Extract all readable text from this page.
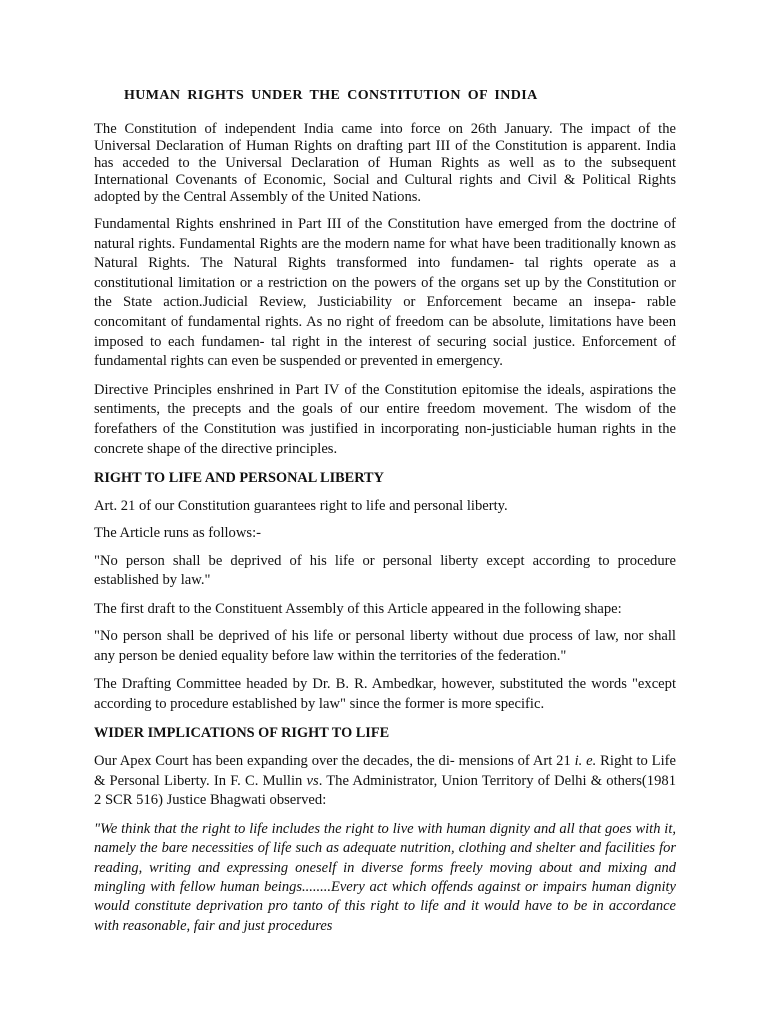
HUMAN RIGHTS UNDER THE CONSTITUTION OF INDIA

The Constitution of independent India came into force on 26th January. The impact of the Universal Declaration of Human Rights on drafting part III of the Constitution is apparent. India has acceded to the Universal Declaration of Human Rights as well as to the subsequent International Covenants of Economic, Social and Cultural rights and Civil & Political Rights adopted by the Central Assembly of the United Nations.

Fundamental Rights enshrined in Part III of the Constitution have emerged from the doctrine of natural rights. Fundamental Rights are the modern name for what have been traditionally known as Natural Rights. The Natural Rights transformed into fundamen- tal rights operate as a constitutional limitation or a restriction on the powers of the organs set up by the Constitution or the State action.Judicial Review, Justiciability or Enforcement became an insepa- rable concomitant of fundamental rights. As no right of freedom can be absolute, limitations have been imposed to each fundamen- tal right in the interest of securing social justice. Enforcement of fundamental rights can even be suspended or prevented in emergency.

Directive Principles enshrined in Part IV of the Constitution epitomise the ideals, aspirations the sentiments, the precepts and the goals of our entire freedom movement. The wisdom of the forefathers of the Constitution was justified in incorporating non-justiciable human rights in the concrete shape of the directive principles.

RIGHT TO LIFE AND PERSONAL LIBERTY

Art. 21 of our Constitution guarantees right to life and personal liberty.

The Article runs as follows:-

"No person shall be deprived of his life or personal liberty except according to procedure established by law."

The first draft to the Constituent Assembly of this Article appeared in the following shape:

"No person shall be deprived of his life or personal liberty without due process of law, nor shall any person be denied equality before law within the territories of the federation."

The Drafting Committee headed by Dr. B. R. Ambedkar, however, substituted the words "except according to procedure established by law" since the former is more specific.

WIDER IMPLICATIONS OF RIGHT TO LIFE

Our Apex Court has been expanding over the decades, the di- mensions of Art 21 i. e. Right to Life & Personal Liberty. In F. C. Mullin vs. The Administrator, Union Territory of Delhi & others(1981 2 SCR 516) Justice Bhagwati observed:

"We think that the right to life includes the right to live with human dignity and all that goes with it, namely the bare necessities of life such as adequate nutrition, clothing and shelter and facilities for reading, writing and expressing oneself in diverse forms freely moving about and mixing and mingling with fellow human beings........Every act which offends against or impairs human dignity would constitute deprivation pro tanto of this right to life and it would have to be in accordance with reasonable, fair and just procedures
